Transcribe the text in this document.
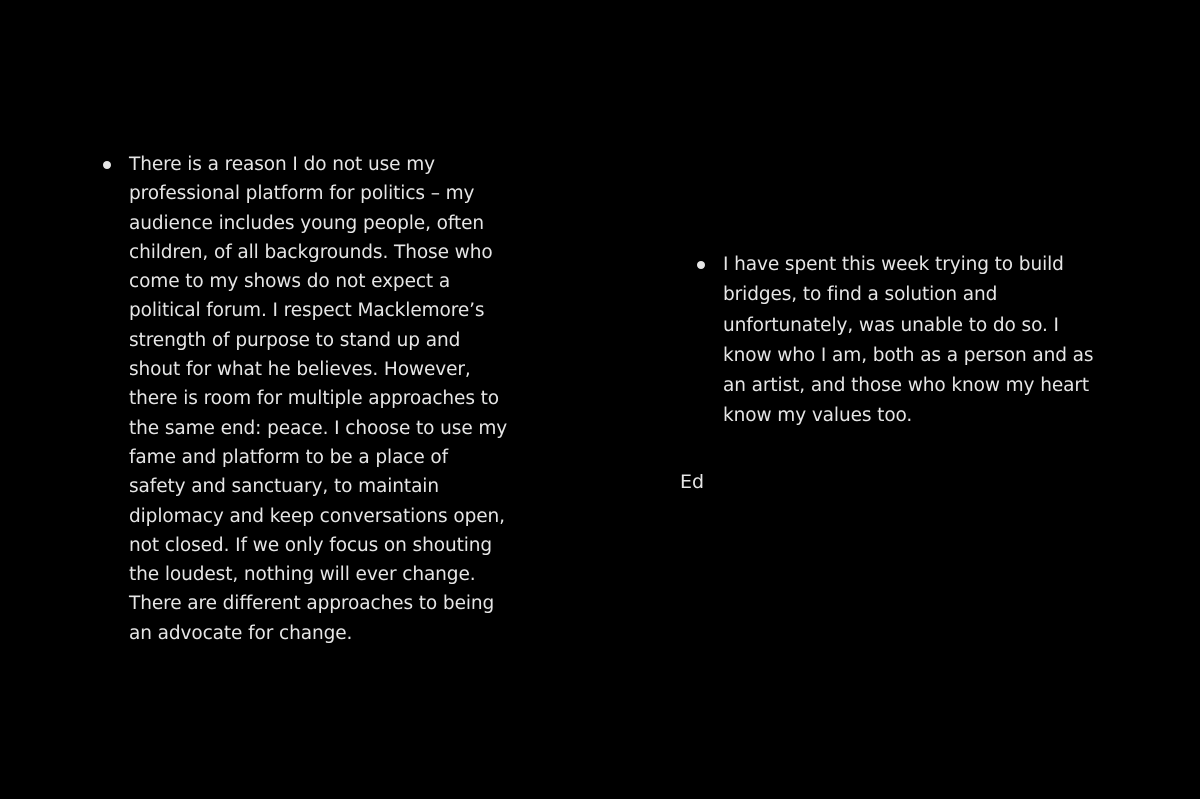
There is a reason I do not use my
professional platform for politics – my
audience includes young people, often
children, of all backgrounds. Those who
come to my shows do not expect a
political forum. I respect Macklemore’s
strength of purpose to stand up and
shout for what he believes. However,
there is room for multiple approaches to
the same end: peace. I choose to use my
fame and platform to be a place of
safety and sanctuary, to maintain
diplomacy and keep conversations open,
not closed. If we only focus on shouting
the loudest, nothing will ever change.
There are different approaches to being
an advocate for change.
I have spent this week trying to build
bridges, to find a solution and
unfortunately, was unable to do so. I
know who I am, both as a person and as
an artist, and those who know my heart
know my values too.
Ed
